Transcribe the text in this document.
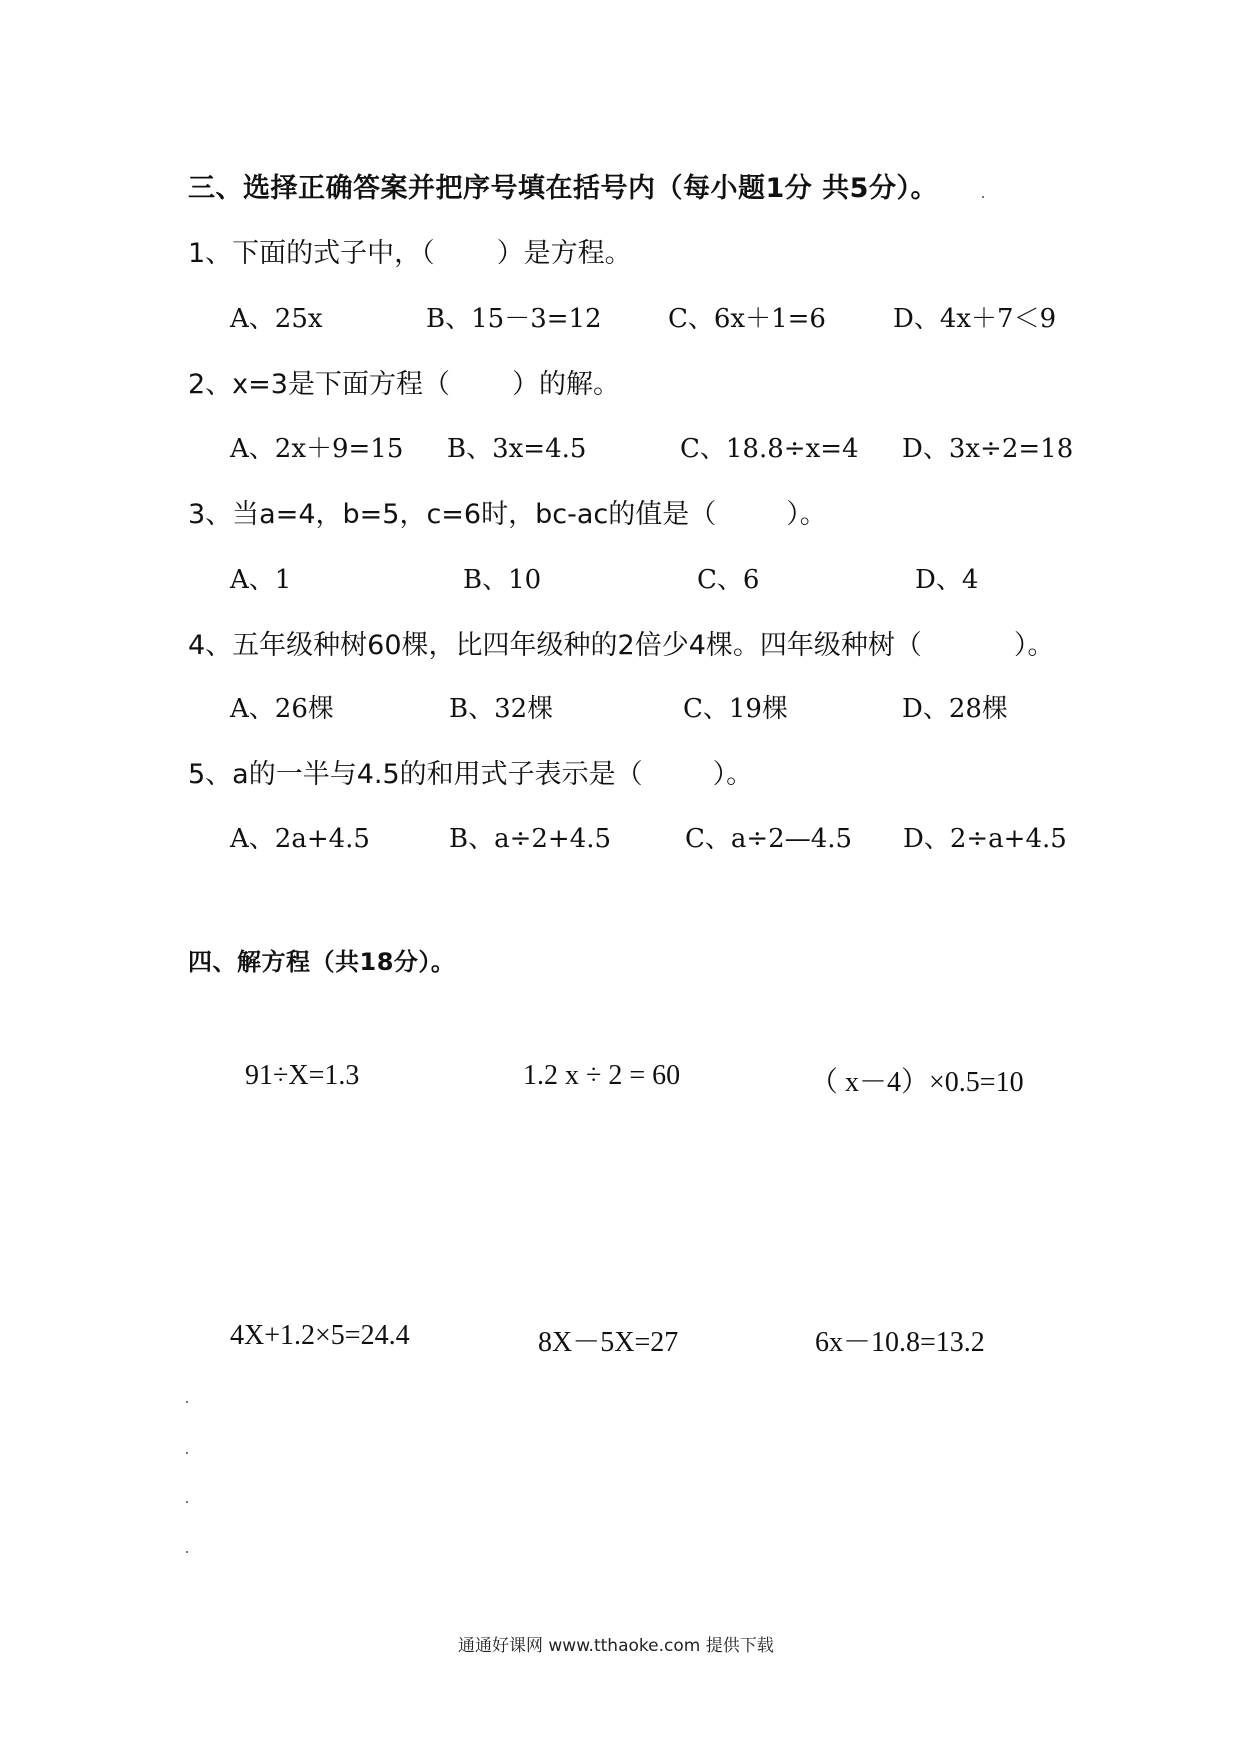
三、选择正确答案并把序号填在括号内（每小题1分 共5分）。
1、下面的式子中，（ ）是方程。
A、25x	B、15－3=12	C、6x＋1=6	D、4x＋7＜9
2、x=3是下面方程（ ）的解。
A、2x＋9=15 B、3x=4.5	C、18.8÷x=4 D、3x÷2=18
3、当a=4，b=5，c=6时，bc-ac的值是（	）。
A、1	B、10	C、6	D、4
4、五年级种树60棵，比四年级种的2倍少4棵。四年级种树（	）。
A、26棵	B、32棵	C、19棵	D、28棵
5、a的一半与4.5的和用式子表示是（	）。
A、2a+4.5	B、a÷2+4.5	C、a÷2—4.5 D、2÷a+4.5
四、解方程（共18分）。
91÷X=1.3	1.2 x ÷ 2 = 60	（ x－4）×0.5=10
4X+1.2×5=24.4	8X－5X=27	6x－10.8=13.2
通通好课网 www.tthaoke.com 提供下载
